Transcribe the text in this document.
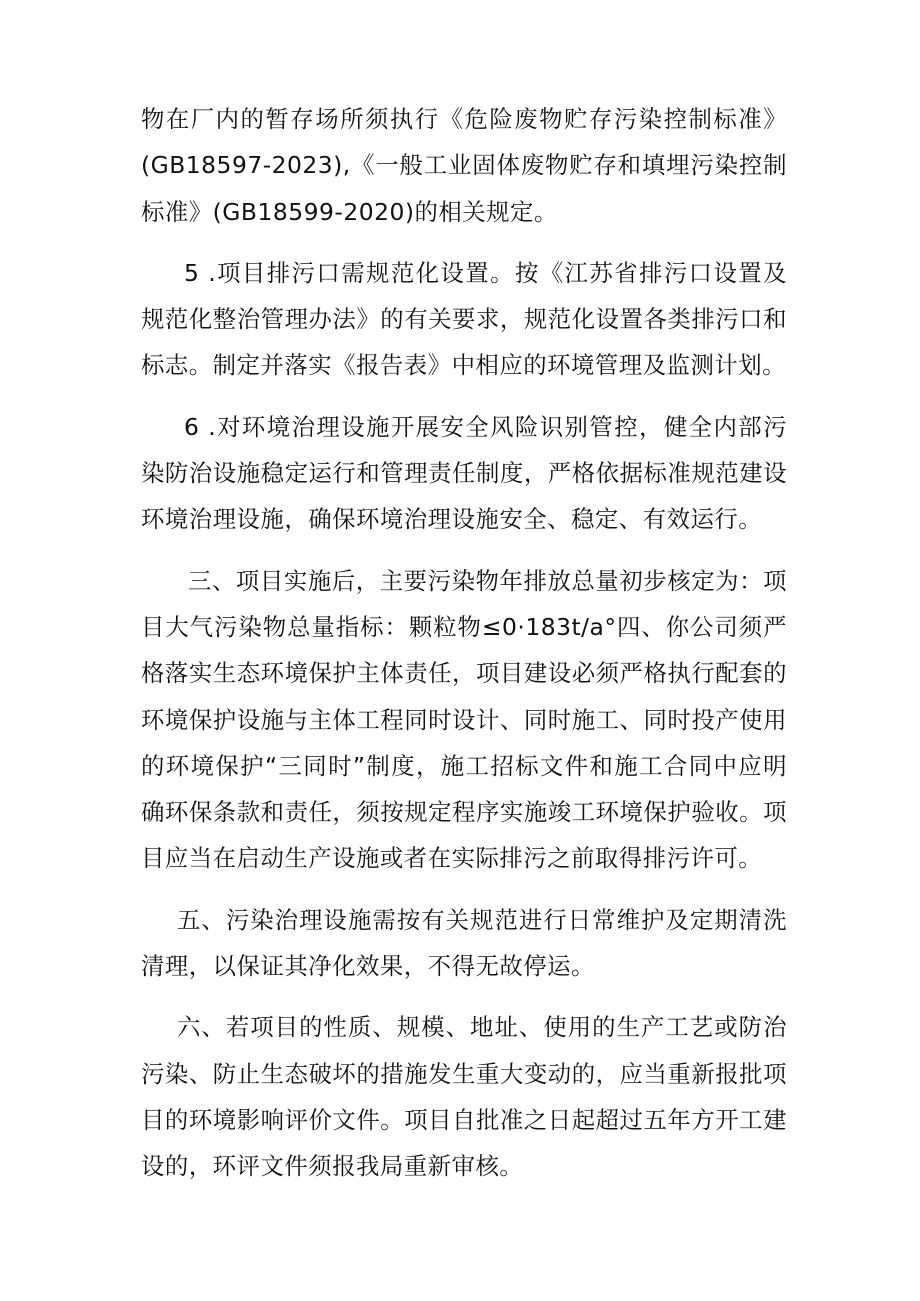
物在厂内的暂存场所须执行《危险废物贮存污染控制标准》(GB18597-2023),《一般工业固体废物贮存和填埋污染控制标准》(GB18599-2020)的相关规定。

5 .项目排污口需规范化设置。按《江苏省排污口设置及规范化整治管理办法》的有关要求，规范化设置各类排污口和标志。制定并落实《报告表》中相应的环境管理及监测计划。

6 .对环境治理设施开展安全风险识别管控，健全内部污染防治设施稳定运行和管理责任制度，严格依据标准规范建设环境治理设施，确保环境治理设施安全、稳定、有效运行。

三、项目实施后，主要污染物年排放总量初步核定为：项目大气污染物总量指标：颗粒物≤0·183t/a°四、你公司须严格落实生态环境保护主体责任，项目建设必须严格执行配套的环境保护设施与主体工程同时设计、同时施工、同时投产使用的环境保护“三同时”制度，施工招标文件和施工合同中应明确环保条款和责任，须按规定程序实施竣工环境保护验收。项目应当在启动生产设施或者在实际排污之前取得排污许可。

五、污染治理设施需按有关规范进行日常维护及定期清洗清理，以保证其净化效果，不得无故停运。

六、若项目的性质、规模、地址、使用的生产工艺或防治污染、防止生态破坏的措施发生重大变动的，应当重新报批项目的环境影响评价文件。项目自批准之日起超过五年方开工建设的，环评文件须报我局重新审核。
